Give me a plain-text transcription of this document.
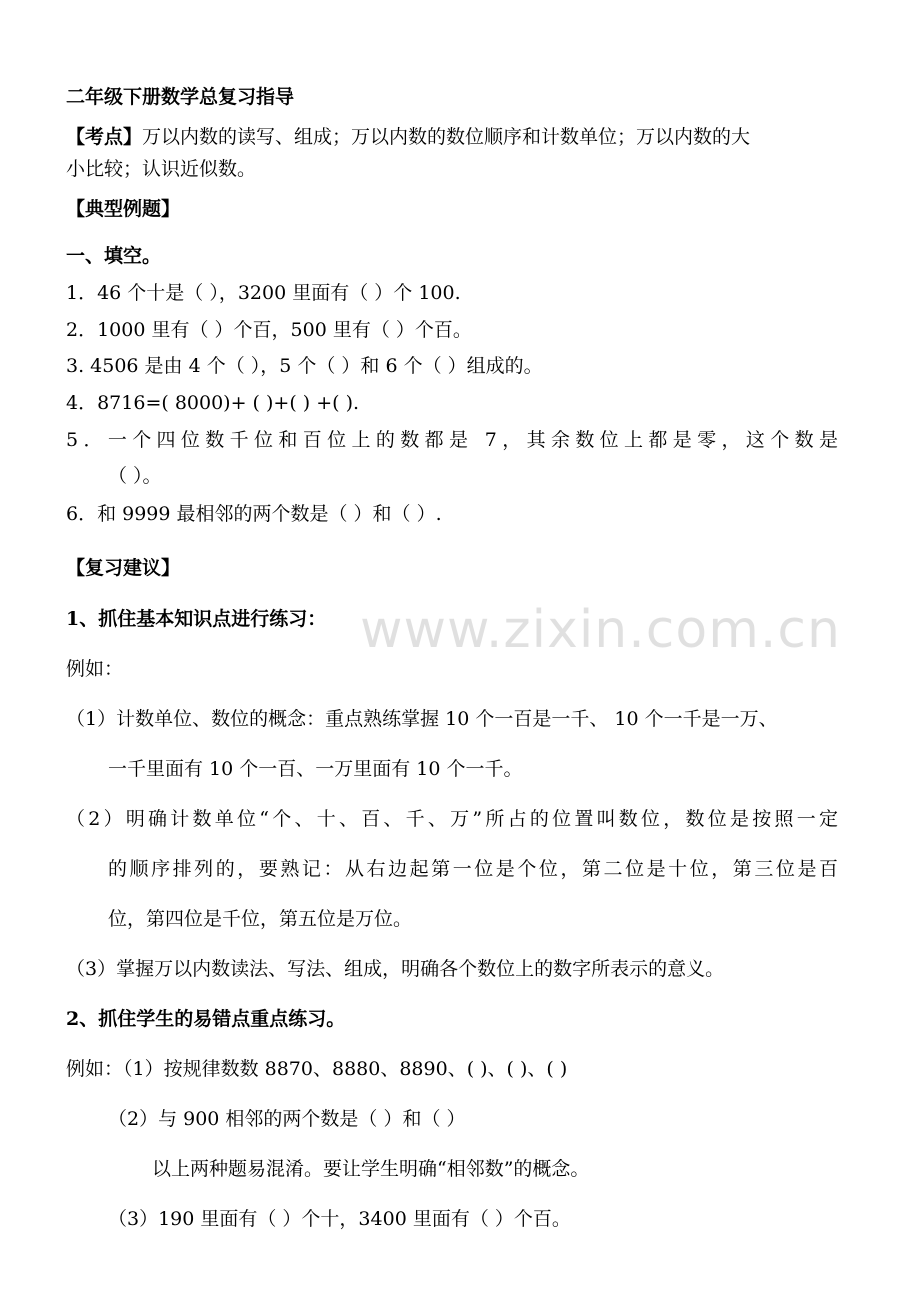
www.zixin.com.cn
二年级下册数学总复习指导
【考点】万以内数的读写、组成；万以内数的数位顺序和计数单位；万以内数的大
小比较；认识近似数。
【典型例题】
一、填空。
1．46 个十是（ ），3200 里面有（ ）个 100.
2．1000 里有（ ）个百，500 里有（ ）个百。
3. 4506 是由 4 个（ ），5 个（ ）和 6 个（ ）组成的。
4．8716=( 8000)+ ( )+( ) +( ).
5．一个四位数千位和百位上的数都是 7，其余数位上都是零，这个数是
（ ）。
6．和 9999 最相邻的两个数是（ ）和（ ）.
【复习建议】
1、抓住基本知识点进行练习：
例如：
（1）计数单位、数位的概念：重点熟练掌握 10 个一百是一千、 10 个一千是一万、
一千里面有 10 个一百、一万里面有 10 个一千。
（2）明确计数单位“个、十、百、千、万”所占的位置叫数位，数位是按照一定
的顺序排列的，要熟记：从右边起第一位是个位，第二位是十位，第三位是百
位，第四位是千位，第五位是万位。
（3）掌握万以内数读法、写法、组成，明确各个数位上的数字所表示的意义。
2、抓住学生的易错点重点练习。
例如：（1）按规律数数 8870、8880、8890、( )、( )、( )
（2）与 900 相邻的两个数是（ ）和（ ）
以上两种题易混淆。要让学生明确“相邻数”的概念。
（3）190 里面有（ ）个十，3400 里面有（ ）个百。
